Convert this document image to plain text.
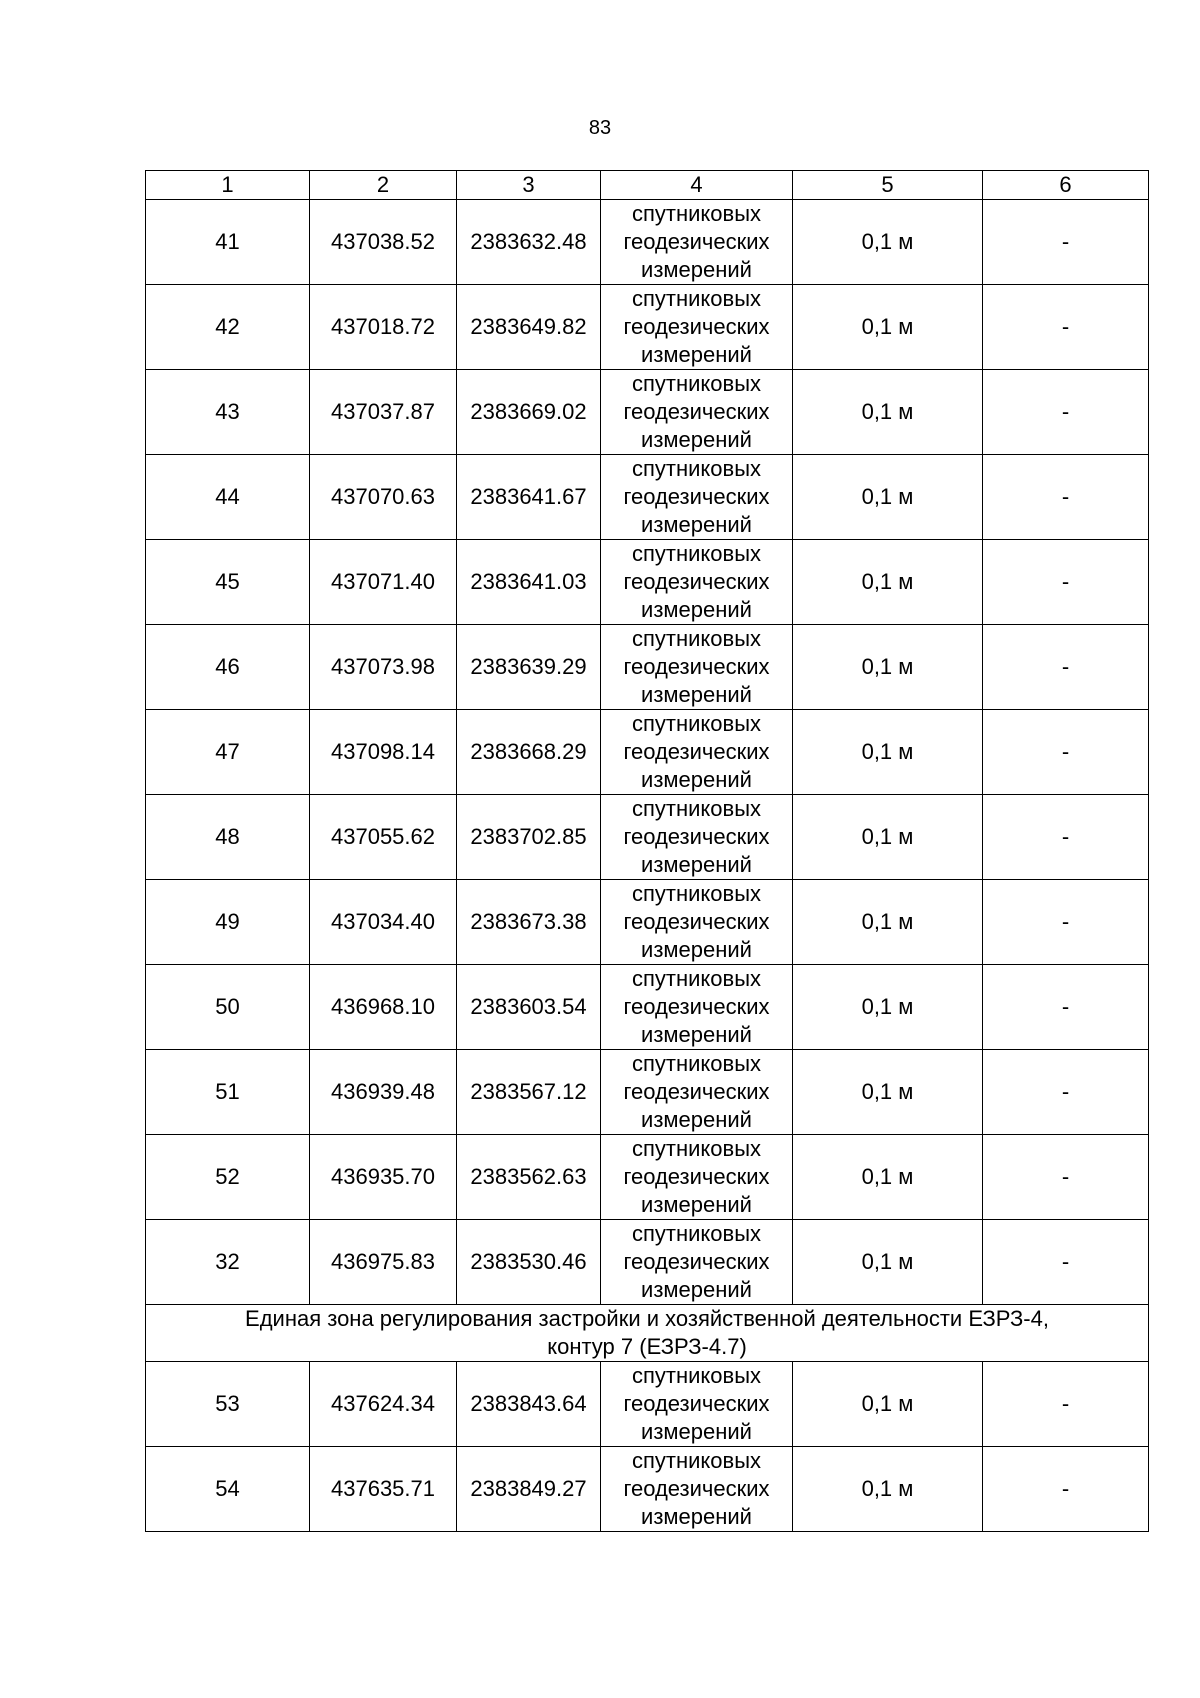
83
1	2	3	4	5	6
41	437038.52	2383632.48	спутниковых
геодезических
измерений	0,1 м	-
42	437018.72	2383649.82	спутниковых
геодезических
измерений	0,1 м	-
43	437037.87	2383669.02	спутниковых
геодезических
измерений	0,1 м	-
44	437070.63	2383641.67	спутниковых
геодезических
измерений	0,1 м	-
45	437071.40	2383641.03	спутниковых
геодезических
измерений	0,1 м	-
46	437073.98	2383639.29	спутниковых
геодезических
измерений	0,1 м	-
47	437098.14	2383668.29	спутниковых
геодезических
измерений	0,1 м	-
48	437055.62	2383702.85	спутниковых
геодезических
измерений	0,1 м	-
49	437034.40	2383673.38	спутниковых
геодезических
измерений	0,1 м	-
50	436968.10	2383603.54	спутниковых
геодезических
измерений	0,1 м	-
51	436939.48	2383567.12	спутниковых
геодезических
измерений	0,1 м	-
52	436935.70	2383562.63	спутниковых
геодезических
измерений	0,1 м	-
32	436975.83	2383530.46	спутниковых
геодезических
измерений	0,1 м	-

Единая зона регулирования застройки и хозяйственной деятельности ЕЗРЗ-4,
контур 7 (ЕЗРЗ-4.7)					

53	437624.34	2383843.64	спутниковых
геодезических
измерений	0,1 м	-
54	437635.71	2383849.27	спутниковых
геодезических
измерений	0,1 м	-
